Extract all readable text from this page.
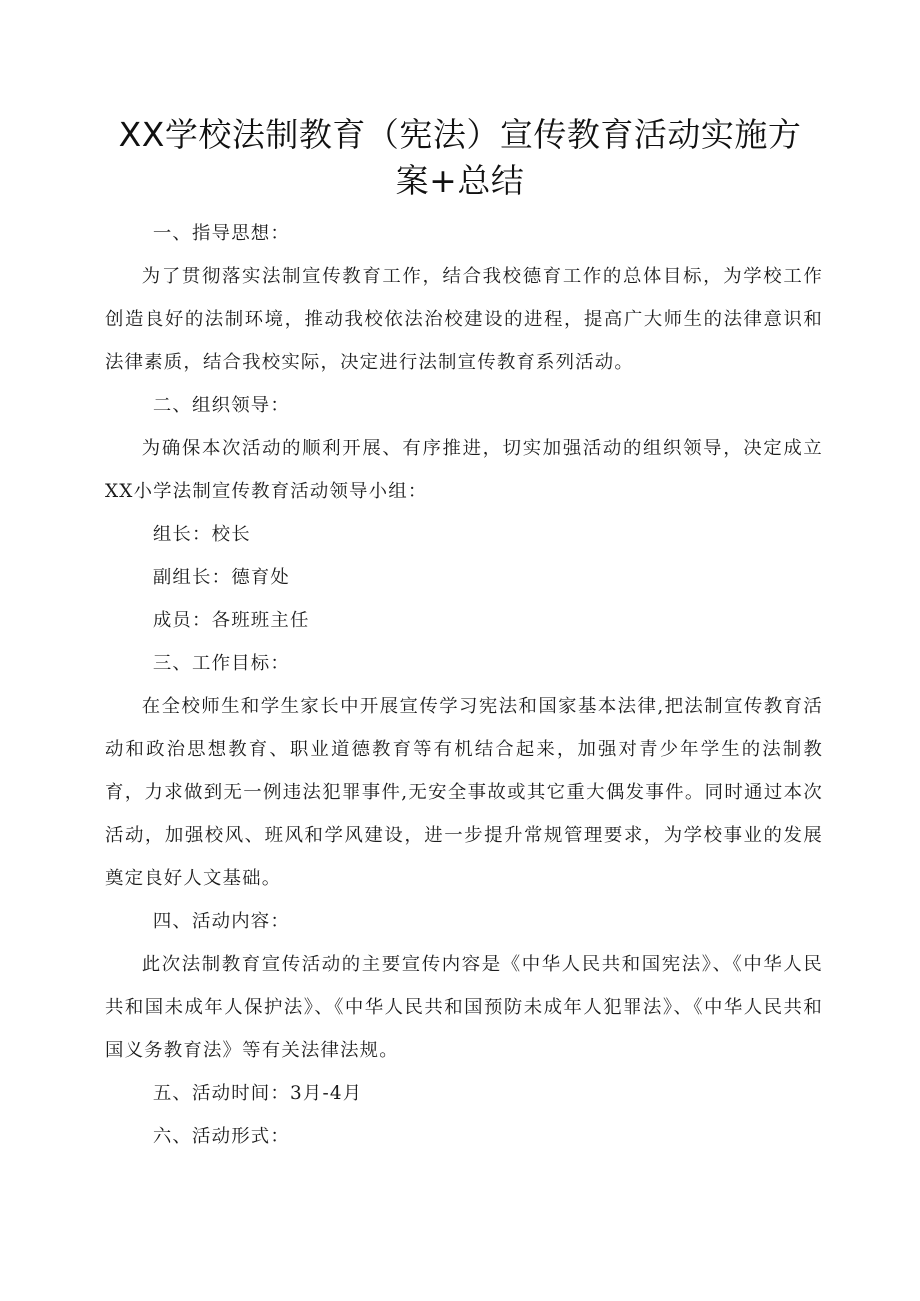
XX学校法制教育（宪法）宣传教育活动实施方
案+总结

一、指导思想：

为了贯彻落实法制宣传教育工作，结合我校德育工作的总体目标，为学校工作创造良好的法制环境，推动我校依法治校建设的进程，提高广大师生的法律意识和法律素质，结合我校实际，决定进行法制宣传教育系列活动。

二、组织领导：

为确保本次活动的顺利开展、有序推进，切实加强活动的组织领导，决定成立XX小学法制宣传教育活动领导小组：

组长：校长

副组长：德育处

成员：各班班主任

三、工作目标：

在全校师生和学生家长中开展宣传学习宪法和国家基本法律,把法制宣传教育活动和政治思想教育、职业道德教育等有机结合起来，加强对青少年学生的法制教育，力求做到无一例违法犯罪事件,无安全事故或其它重大偶发事件。同时通过本次活动，加强校风、班风和学风建设，进一步提升常规管理要求，为学校事业的发展奠定良好人文基础。

四、活动内容：

此次法制教育宣传活动的主要宣传内容是《中华人民共和国宪法》、《中华人民共和国未成年人保护法》、《中华人民共和国预防未成年人犯罪法》、《中华人民共和国义务教育法》等有关法律法规。

五、活动时间：3月-4月

六、活动形式：
